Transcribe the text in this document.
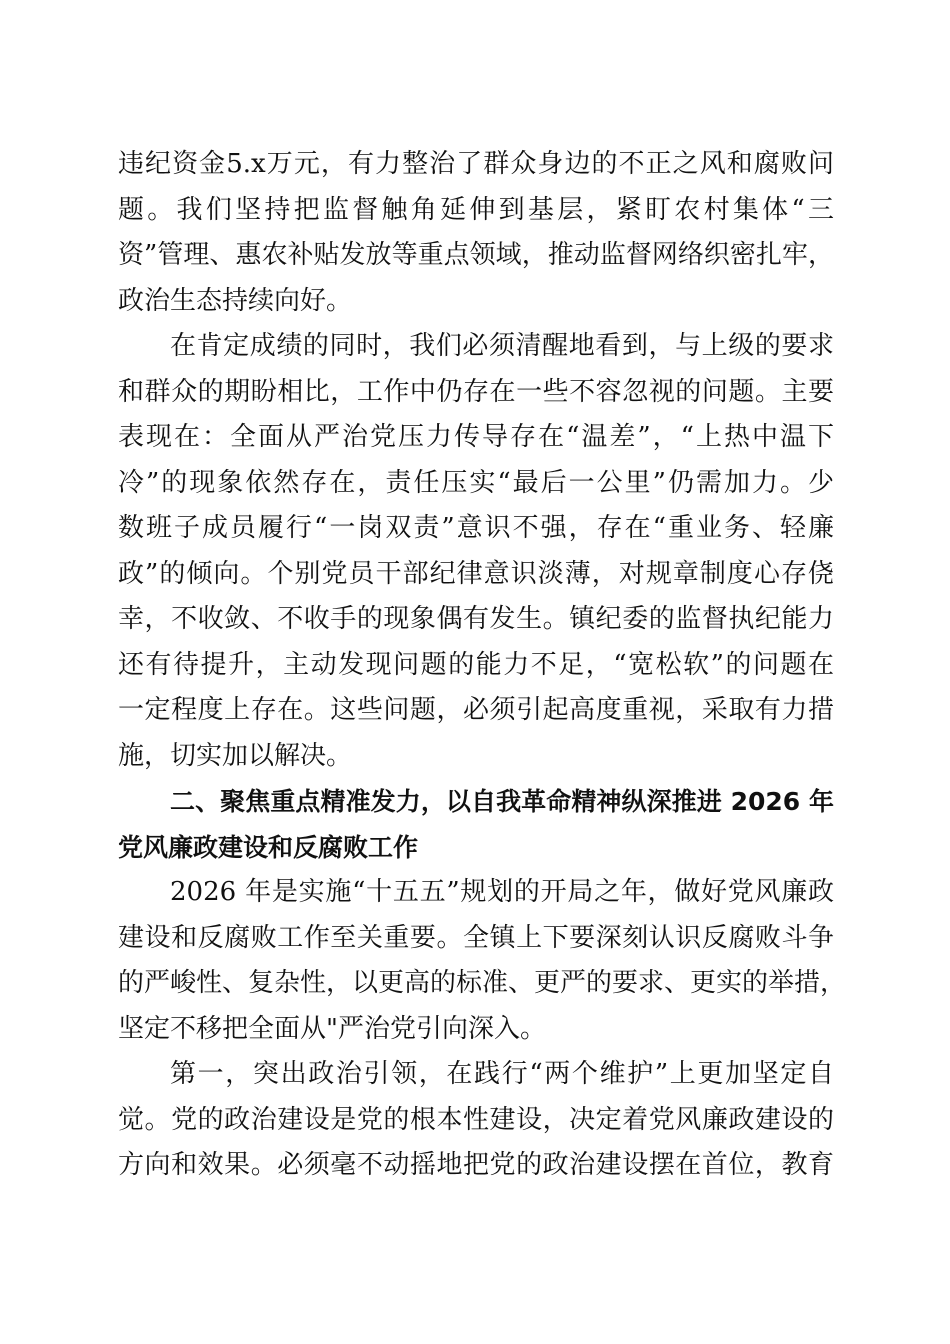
违纪资金5.x万元，有力整治了群众身边的不正之风和腐败问
题。我们坚持把监督触角延伸到基层，紧盯农村集体“三
资”管理、惠农补贴发放等重点领域，推动监督网络织密扎牢，
政治生态持续向好。
在肯定成绩的同时，我们必须清醒地看到，与上级的要求
和群众的期盼相比，工作中仍存在一些不容忽视的问题。主要
表现在：全面从严治党压力传导存在“温差”，“上热中温下
冷”的现象依然存在，责任压实“最后一公里”仍需加力。少
数班子成员履行“一岗双责”意识不强，存在“重业务、轻廉
政”的倾向。个别党员干部纪律意识淡薄，对规章制度心存侥
幸，不收敛、不收手的现象偶有发生。镇纪委的监督执纪能力
还有待提升，主动发现问题的能力不足，“宽松软”的问题在
一定程度上存在。这些问题，必须引起高度重视，采取有力措
施，切实加以解决。
二、聚焦重点精准发力，以自我革命精神纵深推进 2026 年
党风廉政建设和反腐败工作
2026 年是实施“十五五”规划的开局之年，做好党风廉政
建设和反腐败工作至关重要。全镇上下要深刻认识反腐败斗争
的严峻性、复杂性，以更高的标准、更严的要求、更实的举措，
坚定不移把全面从"严治党引向深入。
第一，突出政治引领，在践行“两个维护”上更加坚定自
觉。党的政治建设是党的根本性建设，决定着党风廉政建设的
方向和效果。必须毫不动摇地把党的政治建设摆在首位，教育
